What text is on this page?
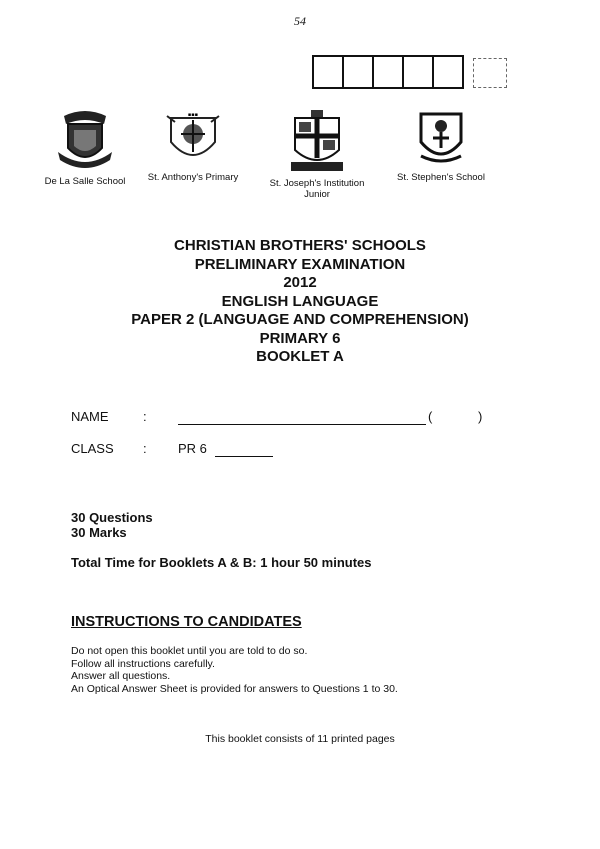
54
De La Salle School
▪▪▪
St. Anthony's Primary
St. Joseph's Institution Junior
St. Stephen's School
CHRISTIAN BROTHERS' SCHOOLS
PRELIMINARY EXAMINATION
2012
ENGLISH LANGUAGE
PAPER 2 (LANGUAGE AND COMPREHENSION)
PRIMARY 6
BOOKLET A
NAME	:	(	)
CLASS : PR 6
30 Questions
30 Marks
Total Time for Booklets A & B: 1 hour 50 minutes
INSTRUCTIONS TO CANDIDATES
Do not open this booklet until you are told to do so.
Follow all instructions carefully.
Answer all questions.
An Optical Answer Sheet is provided for answers to Questions 1 to 30.
This booklet consists of 11 printed pages
